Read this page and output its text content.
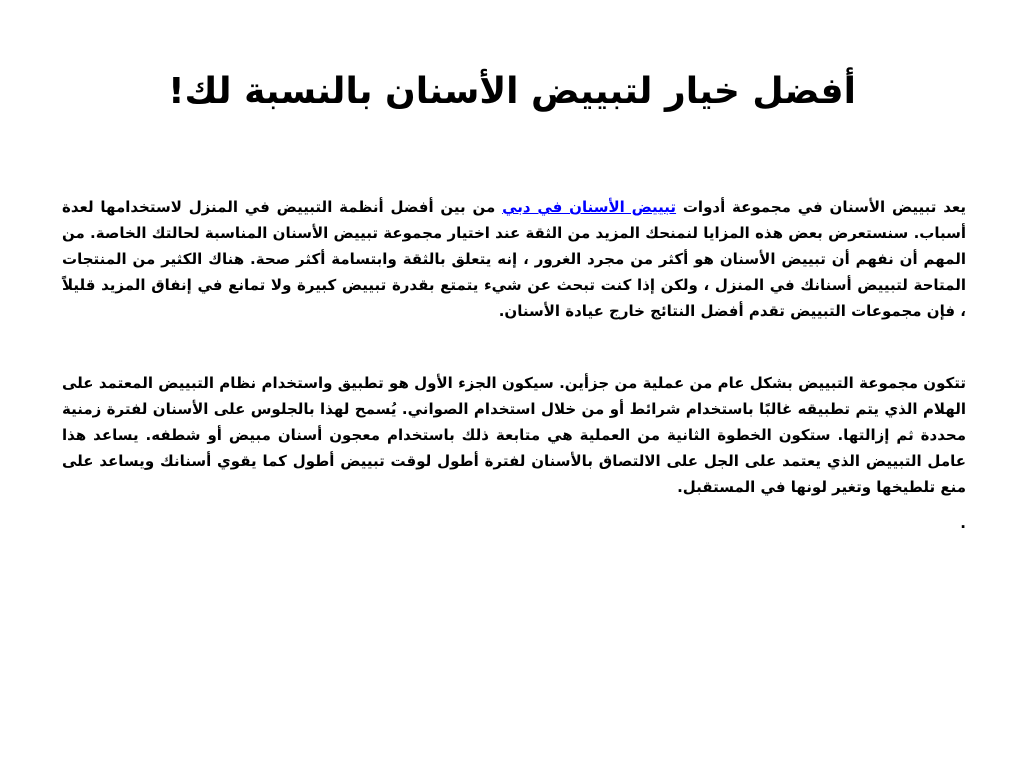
أفضل خيار لتبييض الأسنان بالنسبة لك!

يعد تبييض الأسنان في مجموعة أدوات تبييض الأسنان في دبي من بين أفضل أنظمة التبييض في المنزل لاستخدامها لعدة أسباب. سنستعرض بعض هذه المزايا لنمنحك المزيد من الثقة عند اختيار مجموعة تبييض الأسنان المناسبة لحالتك الخاصة. من المهم أن نفهم أن تبييض الأسنان هو أكثر من مجرد الغرور ، إنه يتعلق بالثقة وابتسامة أكثر صحة. هناك الكثير من المنتجات المتاحة لتبييض أسنانك في المنزل ، ولكن إذا كنت تبحث عن شيء يتمتع بقدرة تبييض كبيرة ولا تمانع في إنفاق المزيد قليلاً ، فإن مجموعات التبييض تقدم أفضل النتائج خارج عيادة الأسنان.

تتكون مجموعة التبييض بشكل عام من عملية من جزأين. سيكون الجزء الأول هو تطبيق واستخدام نظام التبييض المعتمد على الهلام الذي يتم تطبيقه غالبًا باستخدام شرائط أو من خلال استخدام الصواني. يُسمح لهذا بالجلوس على الأسنان لفترة زمنية محددة ثم إزالتها. ستكون الخطوة الثانية من العملية هي متابعة ذلك باستخدام معجون أسنان مبيض أو شطفه. يساعد هذا عامل التبييض الذي يعتمد على الجل على الالتصاق بالأسنان لفترة أطول لوقت تبييض أطول كما يقوي أسنانك ويساعد على منع تلطيخها وتغير لونها في المستقبل.

.
